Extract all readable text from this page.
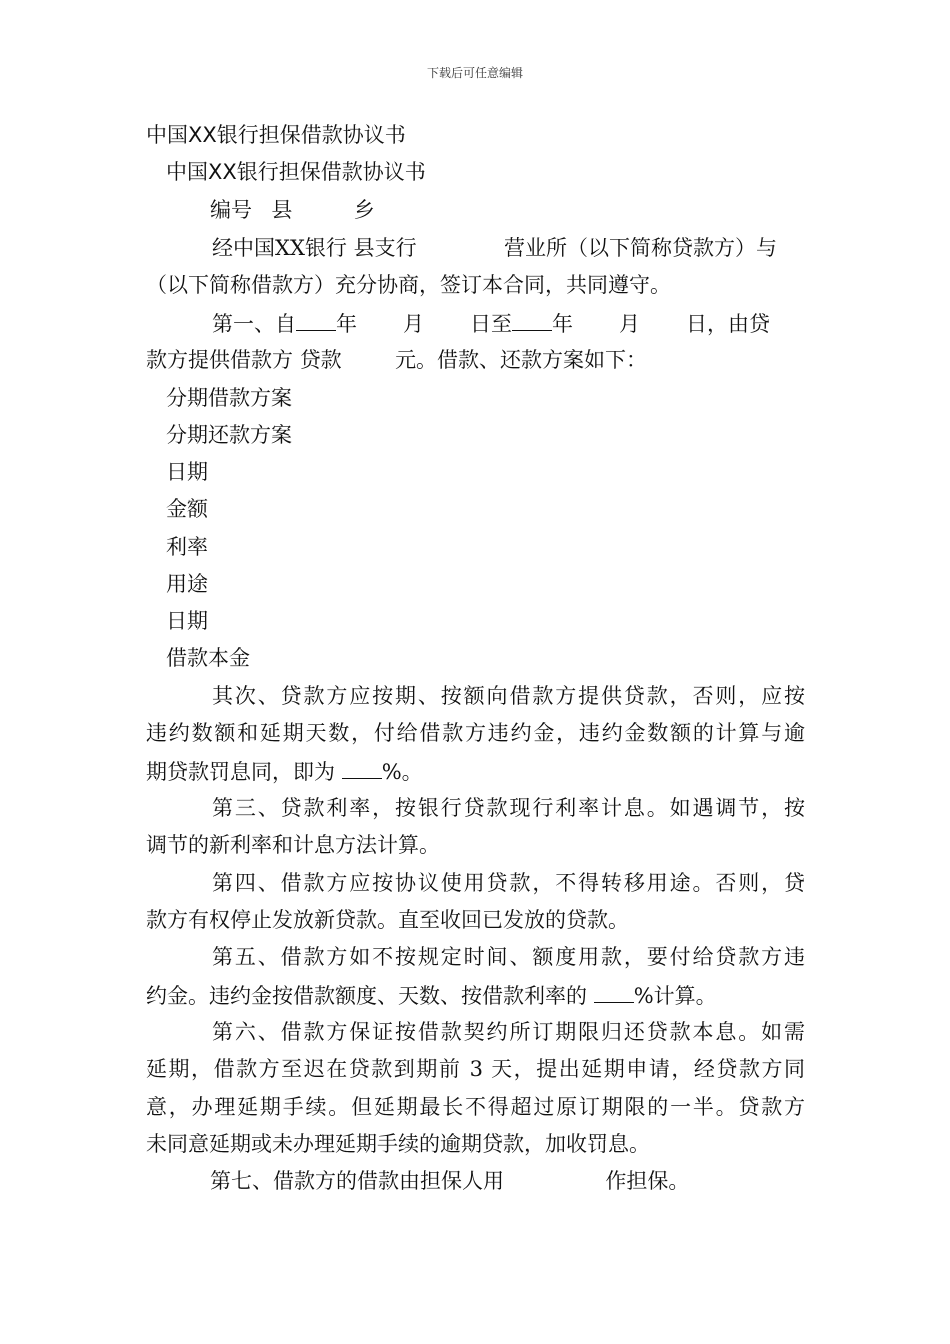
下载后可任意编辑
中国XX银行担保借款协议书
中国XX银行担保借款协议书
编号 县	乡
经中国XX银行 县支行	营业所（以下简称贷款方）与
（以下简称借款方）充分协商，签订本合同，共同遵守。
第一、自 年 月 日至 年 月 日，由贷
款方提供借款方 贷款	元。借款、还款方案如下：
分期借款方案
分期还款方案
日期
金额
利率
用途
日期
借款本金
其次、贷款方应按期、按额向借款方提供贷款，否则，应按
违约数额和延期天数，付给借款方违约金，违约金数额的计算与逾
期贷款罚息同，即为 %。
第三、贷款利率，按银行贷款现行利率计息。如遇调节，按
调节的新利率和计息方法计算。
第四、借款方应按协议使用贷款，不得转移用途。否则，贷
款方有权停止发放新贷款。直至收回已发放的贷款。
第五、借款方如不按规定时间、额度用款，要付给贷款方违
约金。违约金按借款额度、天数、按借款利率的 %计算。
第六、借款方保证按借款契约所订期限归还贷款本息。如需
延期，借款方至迟在贷款到期前 3 天，提出延期申请，经贷款方同
意，办理延期手续。但延期最长不得超过原订期限的一半。贷款方
未同意延期或未办理延期手续的逾期贷款，加收罚息。
第七、借款方的借款由担保人用	作担保。
